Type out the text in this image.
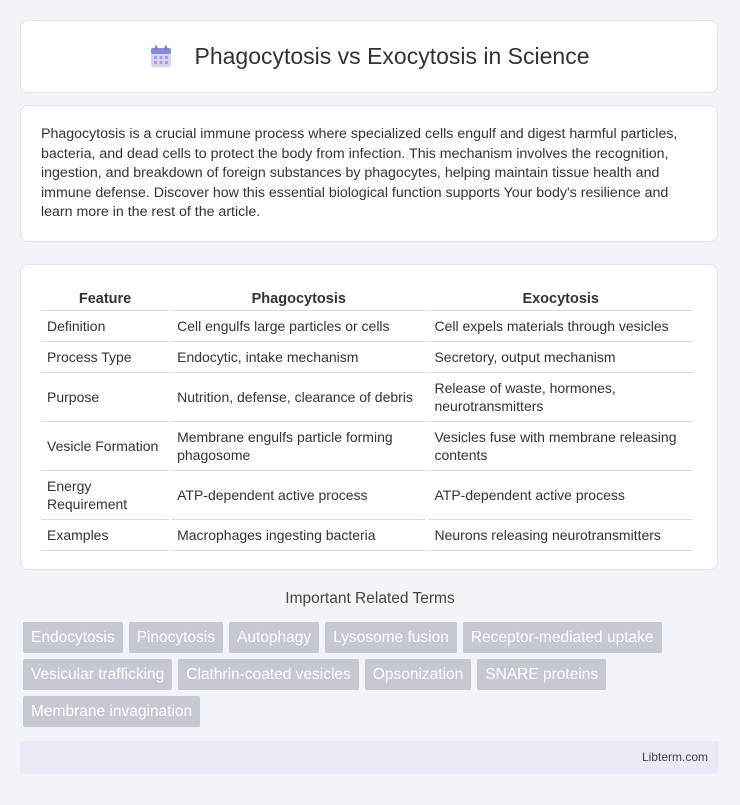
Phagocytosis vs Exocytosis in Science

Phagocytosis is a crucial immune process where specialized cells engulf and digest harmful particles, bacteria, and dead cells to protect the body from infection. This mechanism involves the recognition, ingestion, and breakdown of foreign substances by phagocytes, helping maintain tissue health and immune defense. Discover how this essential biological function supports Your body's resilience and learn more in the rest of the article.

Feature	Phagocytosis	Exocytosis
Definition	Cell engulfs large particles or cells	Cell expels materials through vesicles
Process Type	Endocytic, intake mechanism	Secretory, output mechanism
Purpose	Nutrition, defense, clearance of debris	Release of waste, hormones, neurotransmitters
Vesicle Formation	Membrane engulfs particle forming phagosome	Vesicles fuse with membrane releasing contents
Energy Requirement	ATP-dependent active process	ATP-dependent active process
Examples	Macrophages ingesting bacteria	Neurons releasing neurotransmitters
Important Related Terms
Endocytosis	Pinocytosis	Autophagy	Lysosome fusion	Receptor-mediated uptake
Vesicular trafficking	Clathrin-coated vesicles	Opsonization	SNARE proteins
Membrane invagination
Libterm.com
